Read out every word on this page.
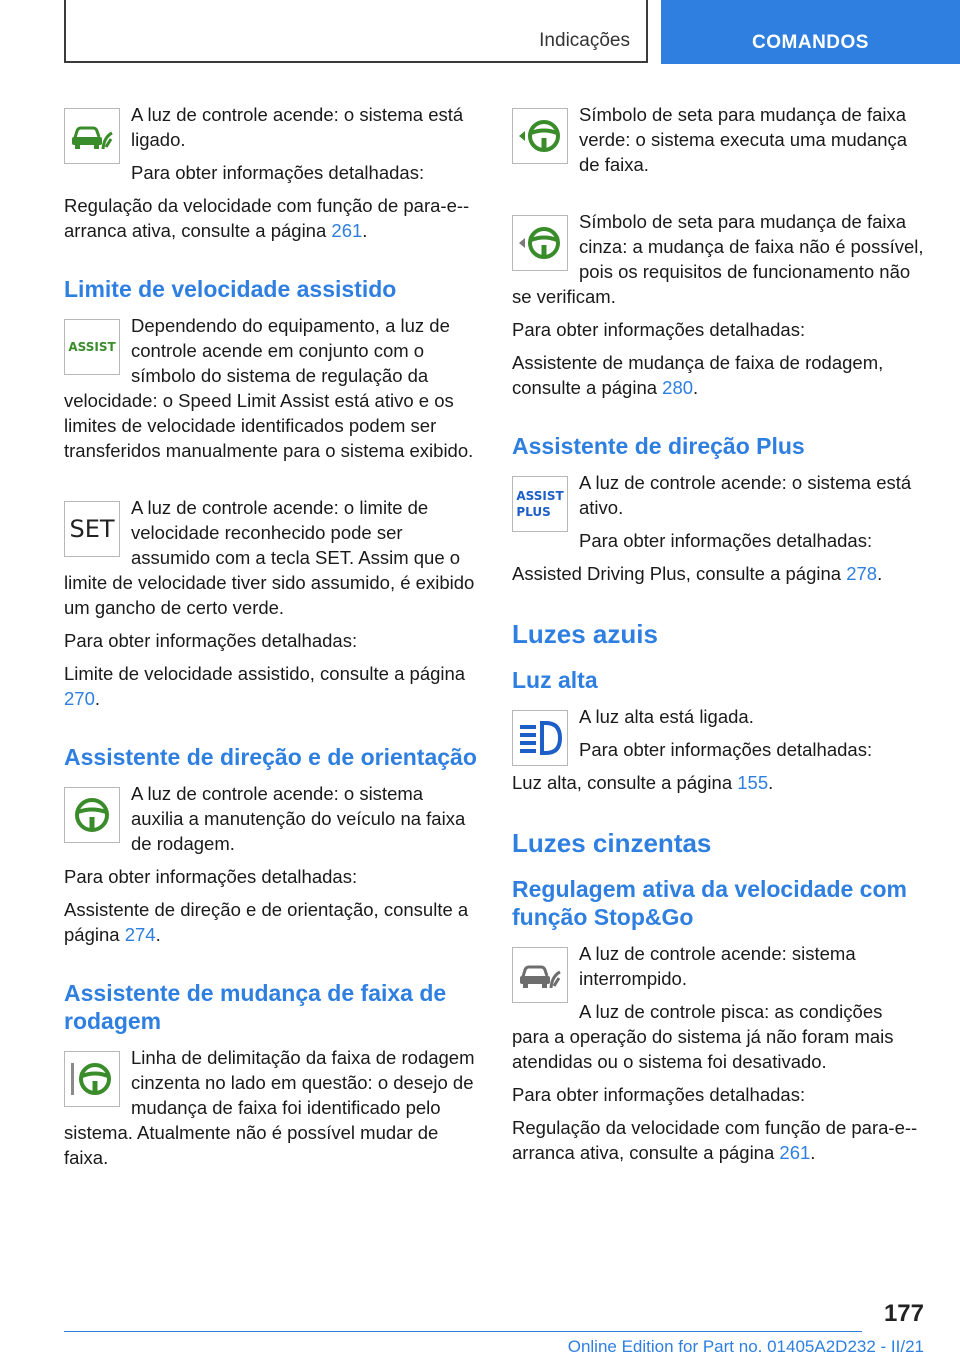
Indicações	COMANDOS

A luz de controle acende: o sistema está ligado.

Para obter informações detalhadas:

Regulação da velocidade com função de para-e--arranca ativa, consulte a página 261.

Limite de velocidade assistido
ASSIST

Dependendo do equipamento, a luz de controle acende em conjunto com o símbolo do sistema de regulação da velocidade: o Speed Limit Assist está ativo e os limites de velocidade identificados podem ser transferidos manualmente para o sistema exibido.

SET

A luz de controle acende: o limite de velocidade reconhecido pode ser assumido com a tecla SET. Assim que o limite de velocidade tiver sido assumido, é exibido um gancho de certo verde.

Para obter informações detalhadas:

Limite de velocidade assistido, consulte a página 270.

Assistente de direção e de orientação

A luz de controle acende: o sistema auxilia a manutenção do veículo na faixa de rodagem.

Para obter informações detalhadas:

Assistente de direção e de orientação, consulte a página 274.

Assistente de mudança de faixa de rodagem

Linha de delimitação da faixa de rodagem cinzenta no lado em questão: o desejo de mudança de faixa foi identificado pelo sistema. Atualmente não é possível mudar de faixa.

Símbolo de seta para mudança de faixa verde: o sistema executa uma mudança de faixa.

Símbolo de seta para mudança de faixa cinza: a mudança de faixa não é possível, pois os requisitos de funcionamento não se verificam.

Para obter informações detalhadas:

Assistente de mudança de faixa de rodagem, consulte a página 280.

Assistente de direção Plus
ASSIST
PLUS

A luz de controle acende: o sistema está ativo.

Para obter informações detalhadas:

Assisted Driving Plus, consulte a página 278.

Luzes azuis
Luz alta

A luz alta está ligada.

Para obter informações detalhadas:

Luz alta, consulte a página 155.

Luzes cinzentas
Regulagem ativa da velocidade com função Stop&Go

A luz de controle acende: sistema interrompido.

A luz de controle pisca: as condições para a operação do sistema já não foram mais atendidas ou o sistema foi desativado.

Para obter informações detalhadas:

Regulação da velocidade com função de para-e--arranca ativa, consulte a página 261.

177
Online Edition for Part no. 01405A2D232 - II/21
